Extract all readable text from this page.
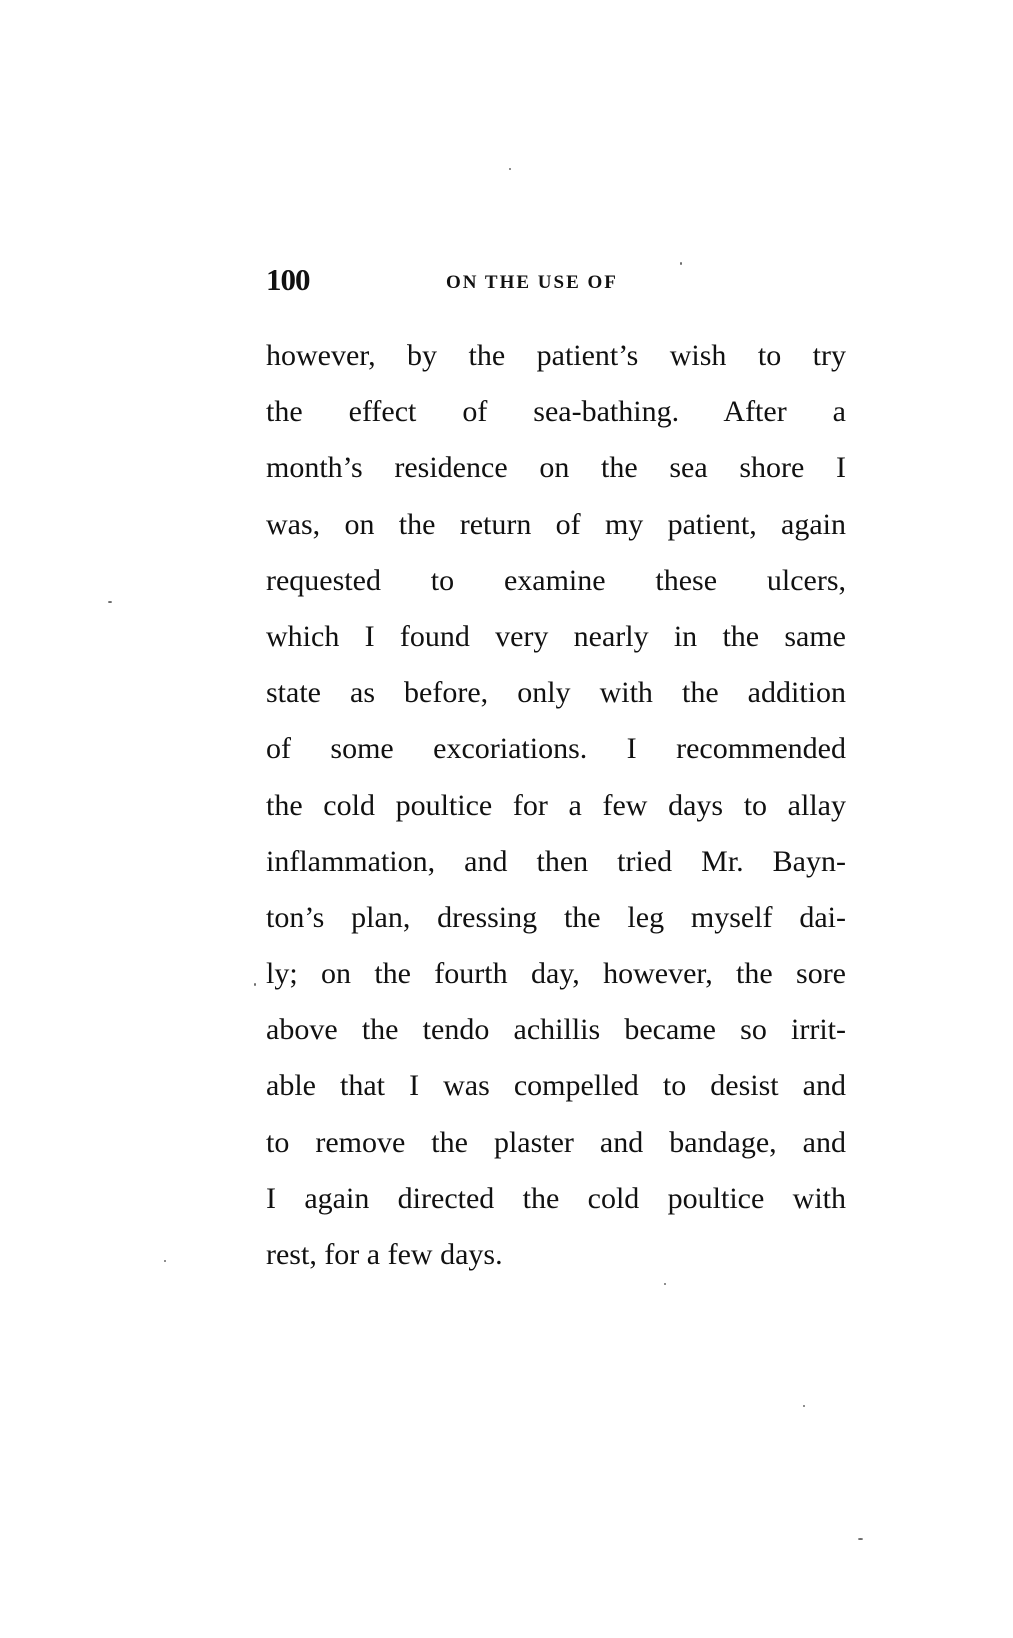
100	ON THE USE OF
however, by the patient’s wish to try
the effect of sea-bathing. After a
month’s residence on the sea shore I
was, on the return of my patient, again
requested to examine these ulcers,
which I found very nearly in the same
state as before, only with the addition
of some excoriations. I recommended
the cold poultice for a few days to allay
inflammation, and then tried Mr. Bayn-
ton’s plan, dressing the leg myself dai-
ly; on the fourth day, however, the sore
above the tendo achillis became so irrit-
able that I was compelled to desist and
to remove the plaster and bandage, and
I again directed the cold poultice with
rest, for a few days.
